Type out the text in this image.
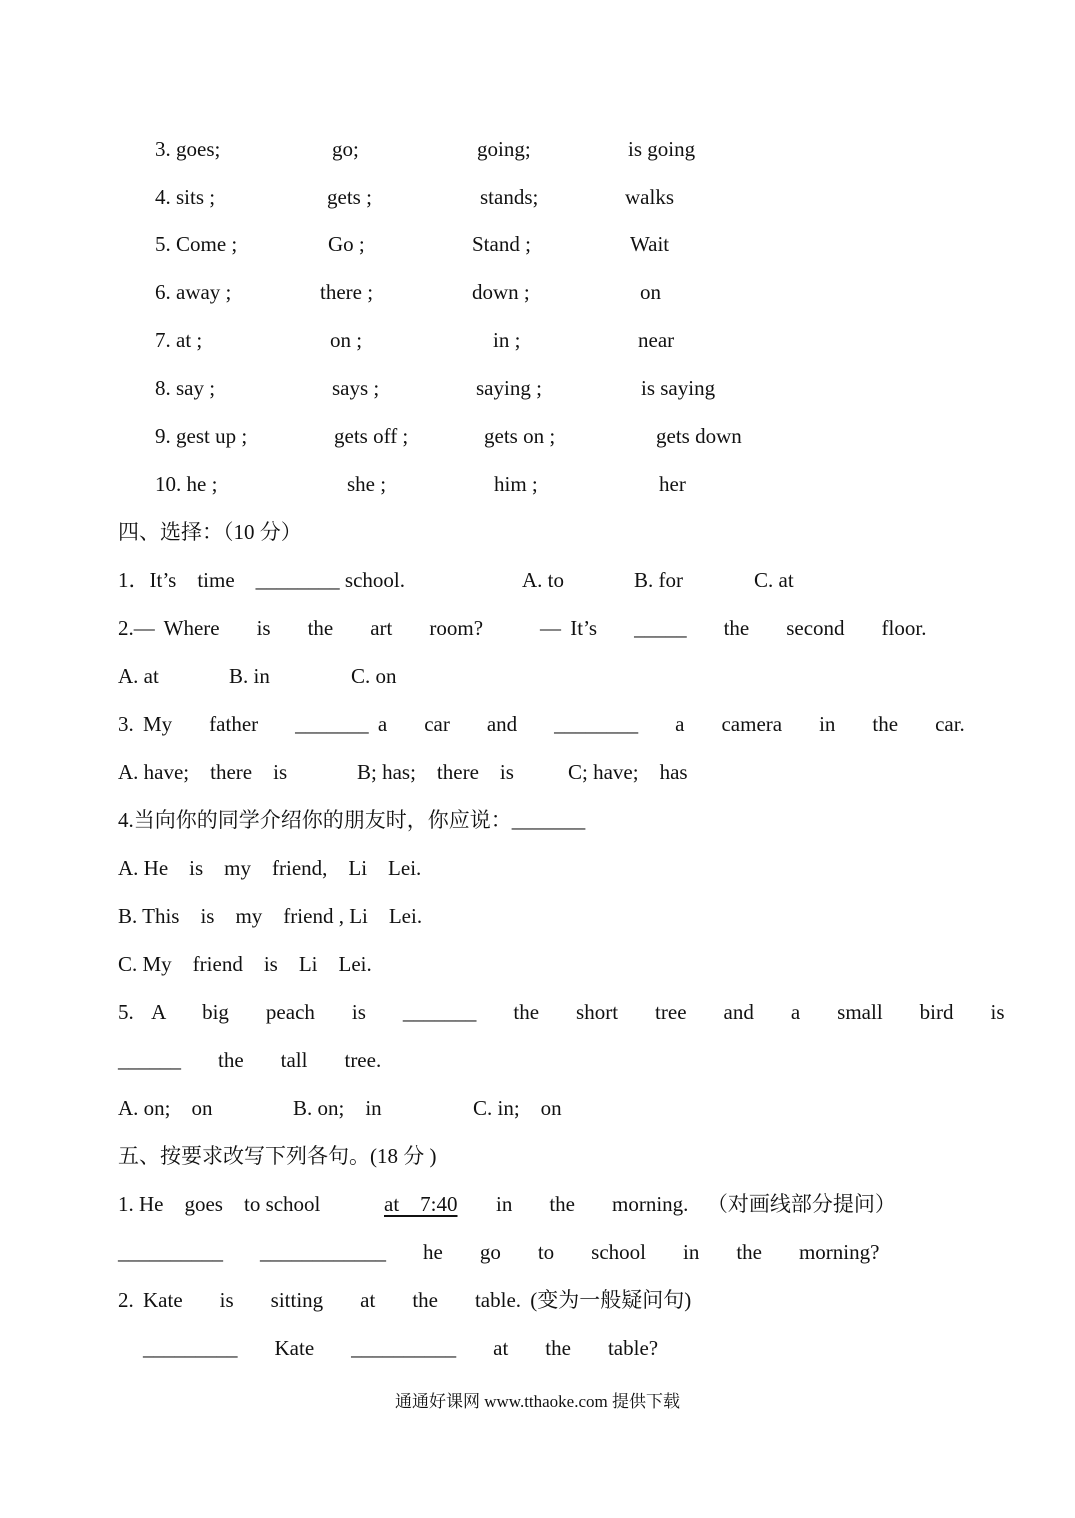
3. goes;	go;	going;	is going
4. sits ;	gets ;	stands;	walks
5. Come ;	Go ;	Stand ;	Wait
6. away ;	there ;	down ;	on
7. at ;	on ;	in ;	near
8. say ;	says ;	saying ;	is saying
9. gest up ;	gets off ;	gets on ;	gets down
10. he ;	she ;	him ;	her
四、选择：（10 分）
1．It’s    time    ________ school.	A. to	B. for	C. at
2.— Where    is    the    art    room?	— It’s    _____    the    second    floor.
A. at	B. in	C. on
3. My    father    _______ a    car    and    ________    a    camera    in    the    car.
A. have;    there    is	B; has;    there    is	C; have;    has
4.当向你的同学介绍你的朋友时，你应说：_______
A. He    is    my    friend,    Li    Lei.
B. This    is    my    friend , Li    Lei.
C. My    friend    is    Li    Lei.
5.  A    big    peach    is    _______    the    short    tree    and    a    small    bird    is
______    the    tall    tree.
A. on;    on	B. on;    in	C. in;    on
五、按要求改写下列各句。(18 分 )
1. He    goes    to school	at    7:40 in    the    morning.  （对画线部分提问）
__________    ____________    he    go    to    school    in    the    morning?
2. Kate    is    sitting    at    the    table. (变为一般疑问句)
_________    Kate    __________    at    the    table?
通通好课网 www.tthaoke.com 提供下载
